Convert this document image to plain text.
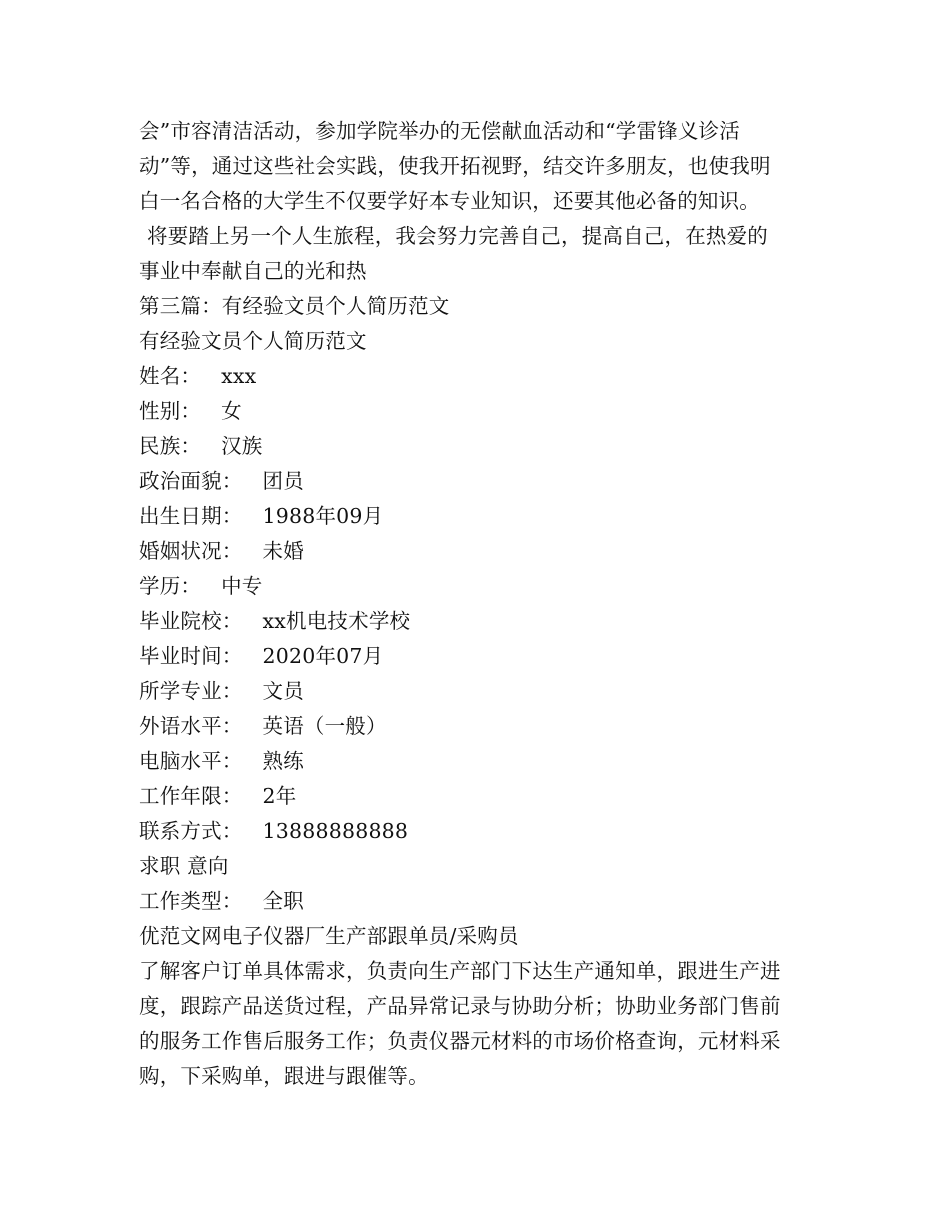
会”市容清洁活动，参加学院举办的无偿献血活动和“学雷锋义诊活
动”等，通过这些社会实践，使我开拓视野，结交许多朋友，也使我明
白一名合格的大学生不仅要学好本专业知识，还要其他必备的知识。
将要踏上另一个人生旅程，我会努力完善自己，提高自己，在热爱的
事业中奉献自己的光和热
第三篇：有经验文员个人简历范文
有经验文员个人简历范文
姓名： xxx
性别： 女
民族： 汉族
政治面貌： 团员
出生日期： 1988年09月
婚姻状况： 未婚
学历： 中专
毕业院校： xx机电技术学校
毕业时间： 2020年07月
所学专业： 文员
外语水平： 英语（一般）
电脑水平： 熟练
工作年限： 2年
联系方式： 13888888888
求职 意向
工作类型： 全职
优范文网电子仪器厂生产部跟单员/采购员
了解客户订单具体需求，负责向生产部门下达生产通知单，跟进生产进
度，跟踪产品送货过程，产品异常记录与协助分析；协助业务部门售前
的服务工作售后服务工作；负责仪器元材料的市场价格查询，元材料采
购，下采购单，跟进与跟催等。
